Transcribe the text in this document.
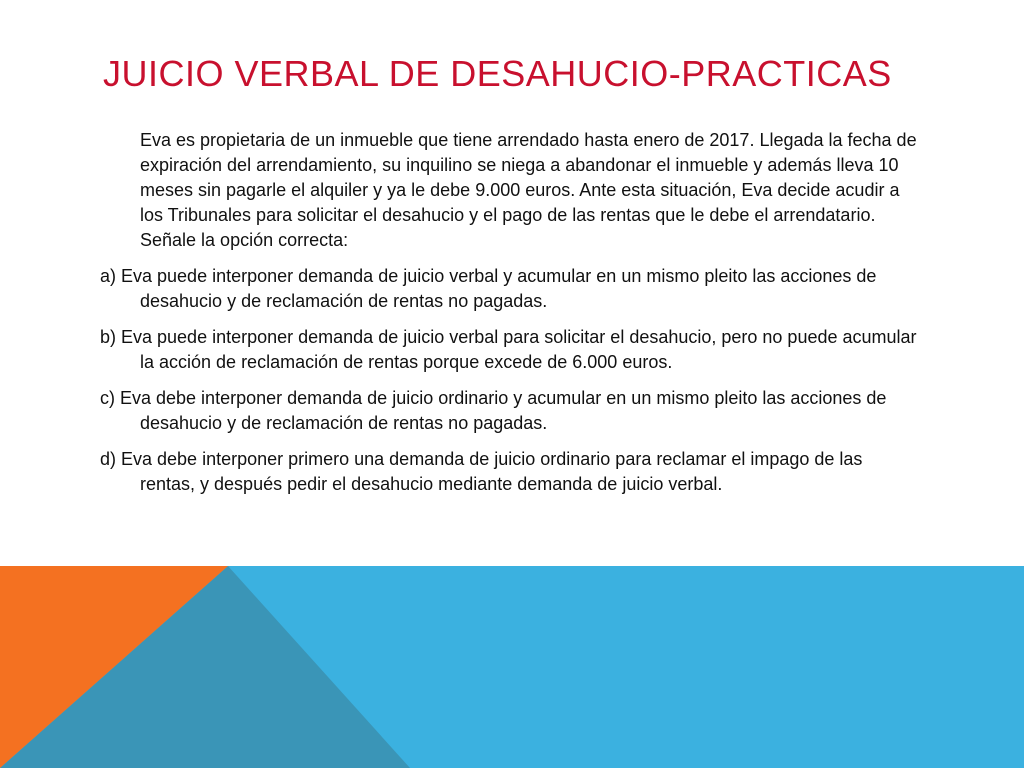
JUICIO VERBAL DE DESAHUCIO-PRACTICAS

Eva es propietaria de un inmueble que tiene arrendado hasta enero de 2017. Llegada la fecha de expiración del arrendamiento, su inquilino se niega a abandonar el inmueble y además lleva 10 meses sin pagarle el alquiler y ya le debe 9.000 euros. Ante esta situación, Eva decide acudir a los Tribunales para solicitar el desahucio y el pago de las rentas que le debe el arrendatario. Señale la opción correcta:

a) Eva puede interponer demanda de juicio verbal y acumular en un mismo pleito las acciones de desahucio y de reclamación de rentas no pagadas.

b) Eva puede interponer demanda de juicio verbal para solicitar el desahucio, pero no puede acumular la acción de reclamación de rentas porque excede de 6.000 euros.

c) Eva debe interponer demanda de juicio ordinario y acumular en un mismo pleito las acciones de desahucio y de reclamación de rentas no pagadas.

d) Eva debe interponer primero una demanda de juicio ordinario para reclamar el impago de las rentas, y después pedir el desahucio mediante demanda de juicio verbal.
